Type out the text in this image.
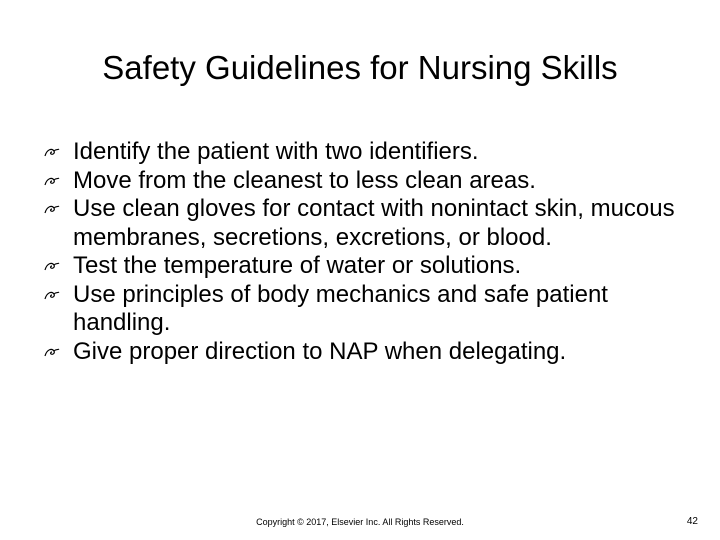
Safety Guidelines for Nursing Skills
Identify the patient with two identifiers.
Move from the cleanest to less clean areas.
Use clean gloves for contact with nonintact skin, mucous membranes, secretions, excretions, or blood.
Test the temperature of water or solutions.
Use principles of body mechanics and safe patient handling.
Give proper direction to NAP when delegating.
Copyright © 2017, Elsevier Inc. All Rights Reserved.	42
